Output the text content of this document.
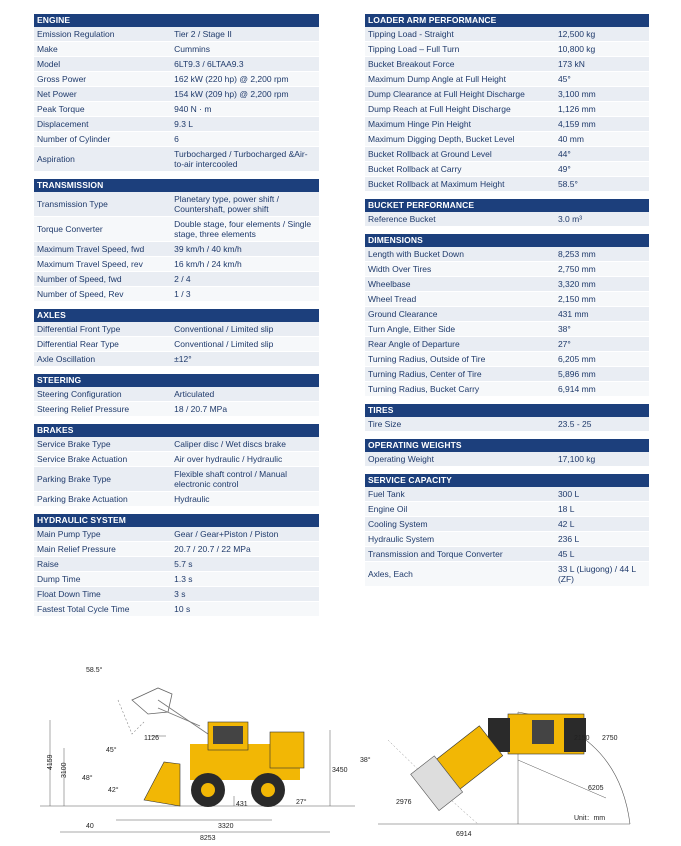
ENGINE
Emission Regulation	Tier 2 / Stage II
Make	Cummins
Model	6LT9.3 / 6LTAA9.3
Gross Power	162 kW (220 hp) @ 2,200 rpm
Net Power	154 kW (209 hp) @ 2,200 rpm
Peak Torque	940 N · m
Displacement	9.3 L
Number of Cylinder	6
Aspiration	Turbocharged / Turbocharged &Air-to-air intercooled
TRANSMISSION
Transmission Type	Planetary type, power shift / Countershaft, power shift
Torque Converter	Double stage, four elements / Single stage, three elements
Maximum Travel Speed, fwd	39 km/h / 40 km/h
Maximum Travel Speed, rev	16 km/h / 24 km/h
Number of Speed, fwd	2 / 4
Number of Speed, Rev	1 / 3
AXLES
Differential Front Type	Conventional / Limited slip
Differential Rear Type	Conventional / Limited slip
Axle Oscillation	±12°
STEERING
Steering Configuration	Articulated
Steering Relief Pressure	18 / 20.7 MPa
BRAKES
Service Brake Type	Caliper disc / Wet discs brake
Service Brake Actuation	Air over hydraulic / Hydraulic
Parking Brake Type	Flexible shaft control / Manual electronic control
Parking Brake Actuation	Hydraulic
HYDRAULIC SYSTEM
Main Pump Type	Gear / Gear+Piston / Piston
Main Relief Pressure	20.7 / 20.7 / 22 MPa
Raise	5.7 s
Dump Time	1.3 s
Float Down Time	3 s
Fastest Total Cycle Time	10 s
LOADER ARM PERFORMANCE
Tipping Load - Straight	12,500 kg
Tipping Load – Full Turn	10,800 kg
Bucket Breakout Force	173 kN
Maximum Dump Angle at Full Height	45°
Dump Clearance at Full Height Discharge	3,100 mm
Dump Reach at Full Height Discharge	1,126 mm
Maximum Hinge Pin Height	4,159 mm
Maximum Digging Depth, Bucket Level	40 mm
Bucket Rollback at Ground Level	44°
Bucket Rollback at Carry	49°
Bucket Rollback at Maximum Height	58.5°
BUCKET PERFORMANCE
Reference Bucket	3.0 m³
DIMENSIONS
Length with Bucket Down	8,253 mm
Width Over Tires	2,750 mm
Wheelbase	3,320 mm
Wheel Tread	2,150 mm
Ground Clearance	431 mm
Turn Angle, Either Side	38°
Rear Angle of Departure	27°
Turning Radius, Outside of Tire	6,205 mm
Turning Radius, Center of Tire	5,896 mm
Turning Radius, Bucket Carry	6,914 mm
TIRES
Tire Size	23.5 - 25
OPERATING WEIGHTS
Operating Weight	17,100 kg
SERVICE CAPACITY
Fuel Tank	300 L
Engine Oil	18 L
Cooling System	42 L
Hydraulic System	236 L
Transmission and Torque Converter	45 L
Axles, Each	33 L (Liugong) / 44 L (ZF)
58.5°
45°
48°
42°
1126
4159
3100	3450
431	27°
40	3320
8253
38°
2150 2750
6205
2976
6914
Unit：mm
